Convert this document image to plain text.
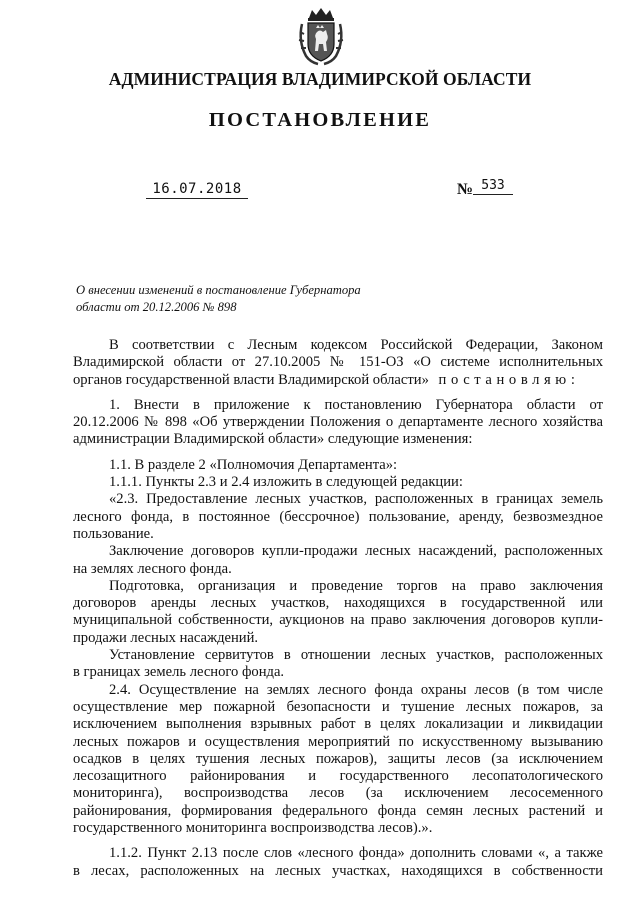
АДМИНИСТРАЦИЯ ВЛАДИМИРСКОЙ ОБЛАСТИ
ПОСТАНОВЛЕНИЕ
16.07.2018	№ 533
О внесении изменений в постановление Губернатора
области от 20.12.2006 № 898
В соответствии с Лесным кодексом Российской Федерации, Законом
Владимирской области от 27.10.2005 № 151-ОЗ «О системе исполнительных
органов государственной власти Владимирской области» постановляю:
1. Внести в приложение к постановлению Губернатора области от
20.12.2006 № 898 «Об утверждении Положения о департаменте лесного хозяйства
администрации Владимирской области» следующие изменения:
1.1. В разделе 2 «Полномочия Департамента»:
1.1.1. Пункты 2.3 и 2.4 изложить в следующей редакции:
«2.3. Предоставление лесных участков, расположенных в границах земель
лесного фонда, в постоянное (бессрочное) пользование, аренду, безвозмездное
пользование.
Заключение договоров купли-продажи лесных насаждений, расположенных
на землях лесного фонда.
Подготовка, организация и проведение торгов на право заключения
договоров аренды лесных участков, находящихся в государственной или
муниципальной собственности, аукционов на право заключения договоров купли-
продажи лесных насаждений.
Установление сервитутов в отношении лесных участков, расположенных
в границах земель лесного фонда.
2.4. Осуществление на землях лесного фонда охраны лесов (в том числе
осуществление мер пожарной безопасности и тушение лесных пожаров, за
исключением выполнения взрывных работ в целях локализации и ликвидации
лесных пожаров и осуществления мероприятий по искусственному вызыванию
осадков в целях тушения лесных пожаров), защиты лесов (за исключением
лесозащитного районирования и государственного лесопатологического
мониторинга), воспроизводства лесов (за исключением лесосеменного
районирования, формирования федерального фонда семян лесных растений и
государственного мониторинга воспроизводства лесов).».
1.1.2. Пункт 2.13 после слов «лесного фонда» дополнить словами «, а также
в лесах, расположенных на лесных участках, находящихся в собственности
